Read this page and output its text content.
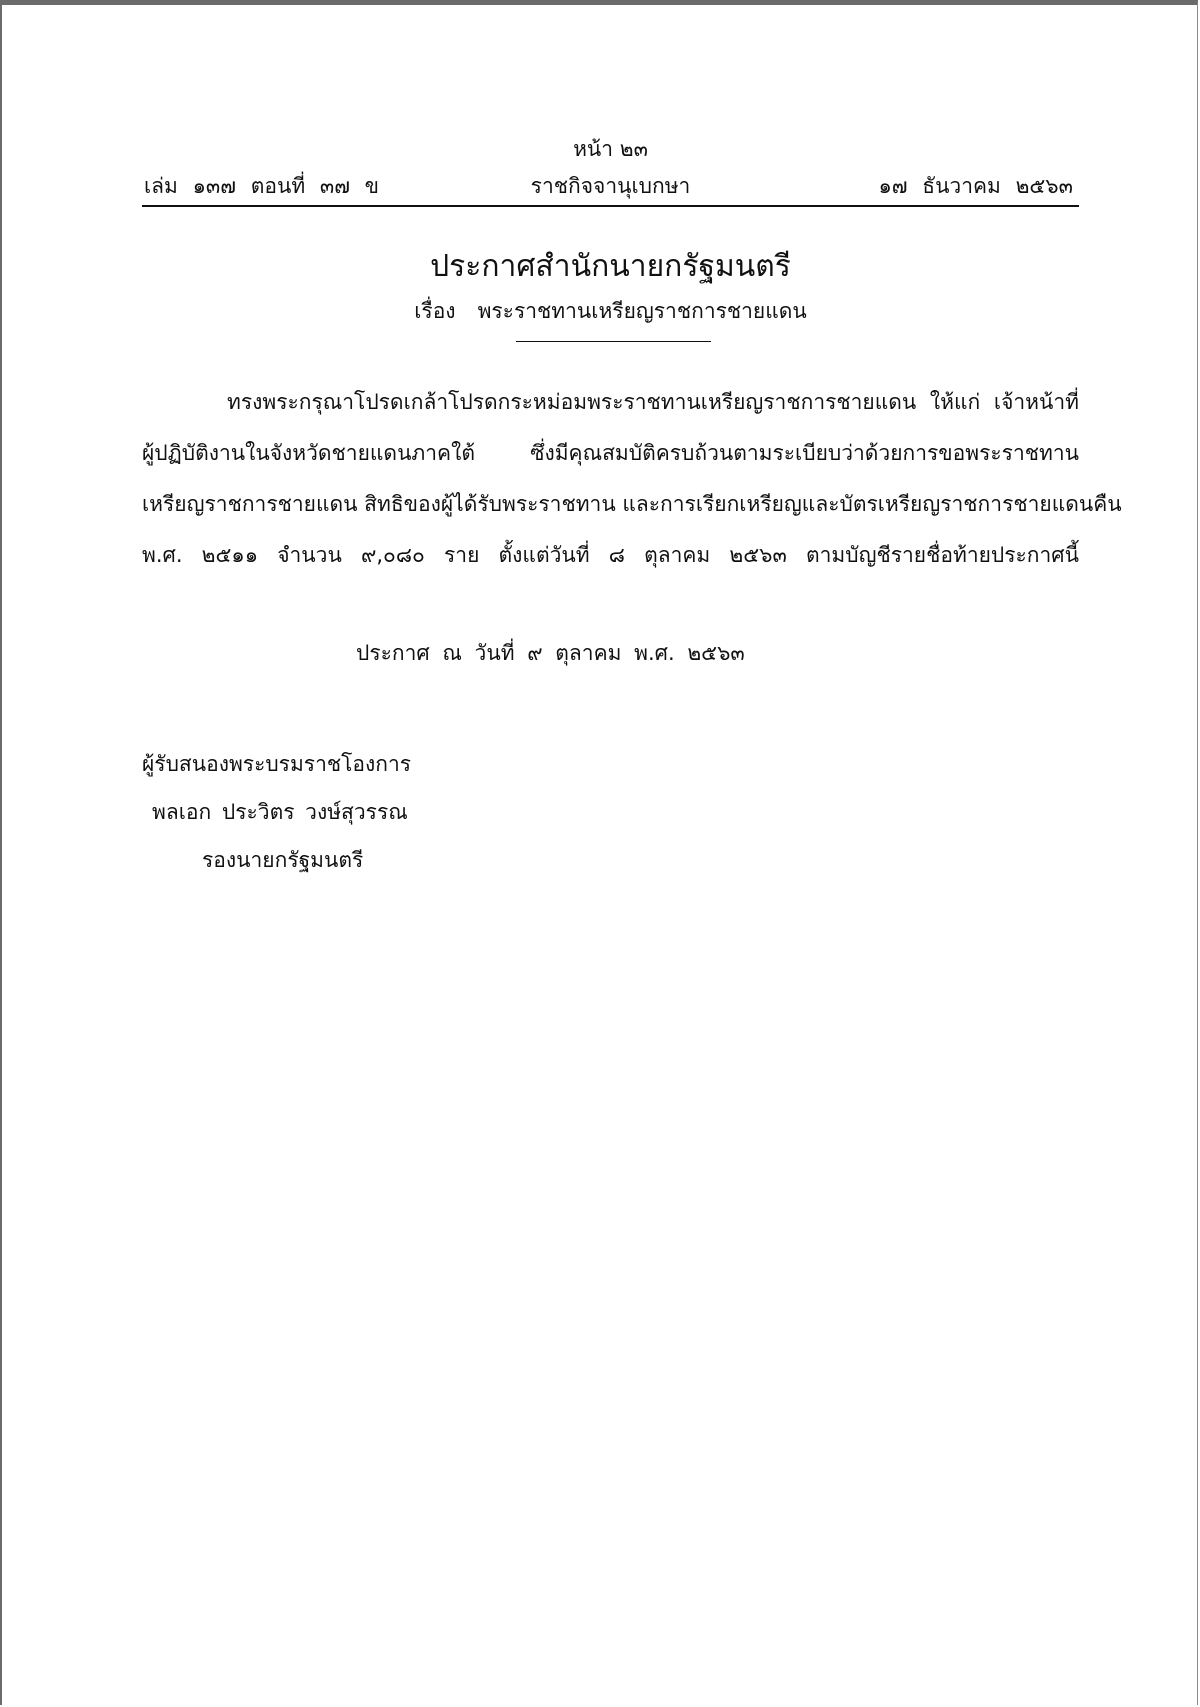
หน้า ๒๓
เล่ม ๑๓๗ ตอนที่ ๓๗ ข	ราชกิจจานุเบกษา	๑๗ ธันวาคม ๒๕๖๓
ประกาศสำนักนายกรัฐมนตรี
เรื่อง พระราชทานเหรียญราชการชายแดน
ทรงพระกรุณาโปรดเกล้าโปรดกระหม่อมพระราชทานเหรียญราชการชายแดน ให้แก่ เจ้าหน้าที่
ผู้ปฏิบัติงานในจังหวัดชายแดนภาคใต้ ซึ่งมีคุณสมบัติครบถ้วนตามระเบียบว่าด้วยการขอพระราชทาน
เหรียญราชการชายแดน สิทธิของผู้ได้รับพระราชทาน และการเรียกเหรียญและบัตรเหรียญราชการชายแดนคืน
พ.ศ. ๒๕๑๑ จำนวน ๙,๐๘๐ ราย ตั้งแต่วันที่ ๘ ตุลาคม ๒๕๖๓ ตามบัญชีรายชื่อท้ายประกาศนี้
ประกาศ ณ วันที่ ๙ ตุลาคม พ.ศ. ๒๕๖๓
ผู้รับสนองพระบรมราชโองการ
พลเอก ประวิตร วงษ์สุวรรณ
รองนายกรัฐมนตรี
